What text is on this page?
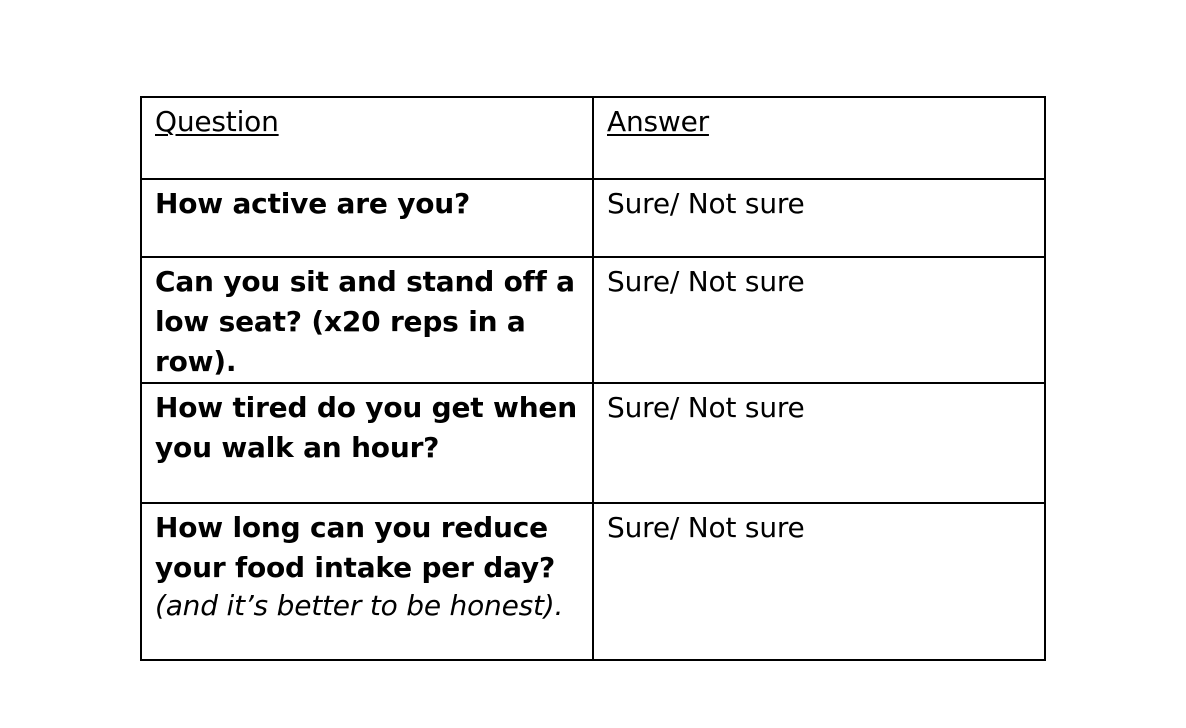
Question	Answer

How active are you?	Sure/ Not sure

Can you sit and stand off a low seat? (x20 reps in a row).	Sure/ Not sure

How tired do you get when you walk an hour?	Sure/ Not sure

How long can you reduce your food intake per day?
(and it’s better to be honest).	Sure/ Not sure
